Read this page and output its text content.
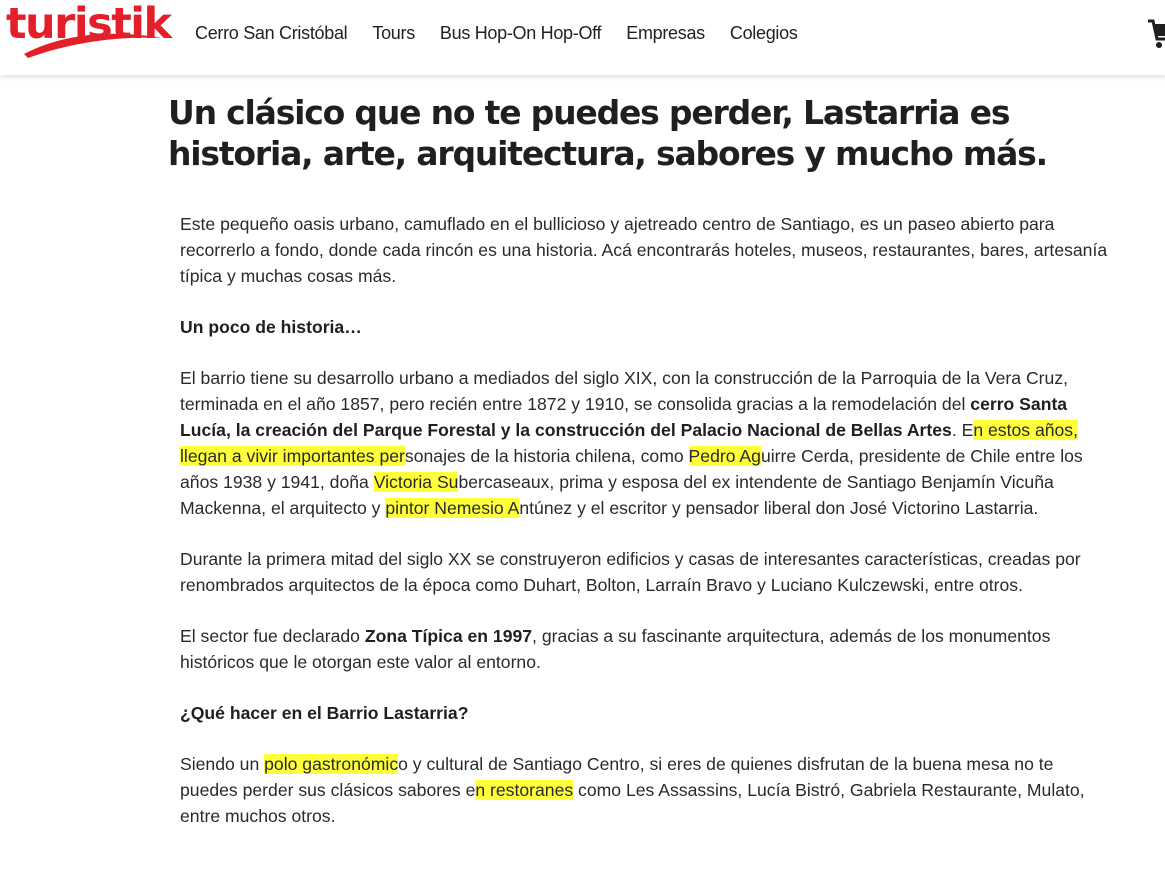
turistik Cerro San Cristóbal Tours Bus Hop-On Hop-Off Empresas Colegios
Un clásico que no te puedes perder, Lastarria es historia, arte, arquitectura, sabores y mucho más.

Este pequeño oasis urbano, camuflado en el bullicioso y ajetreado centro de Santiago, es un paseo abierto para recorrerlo a fondo, donde cada rincón es una historia. Acá encontrarás hoteles, museos, restaurantes, bares, artesanía típica y muchas cosas más.

Un poco de historia…

El barrio tiene su desarrollo urbano a mediados del siglo XIX, con la construcción de la Parroquia de la Vera Cruz, terminada en el año 1857, pero recién entre 1872 y 1910, se consolida gracias a la remodelación del cerro Santa Lucía, la creación del Parque Forestal y la construcción del Palacio Nacional de Bellas Artes. En estos años, llegan a vivir importantes personajes de la historia chilena, como Pedro Aguirre Cerda, presidente de Chile entre los años 1938 y 1941, doña Victoria Subercaseaux, prima y esposa del ex intendente de Santiago Benjamín Vicuña Mackenna, el arquitecto y pintor Nemesio Antúnez y el escritor y pensador liberal don José Victorino Lastarria.

Durante la primera mitad del siglo XX se construyeron edificios y casas de interesantes características, creadas por renombrados arquitectos de la época como Duhart, Bolton, Larraín Bravo y Luciano Kulczewski, entre otros.

El sector fue declarado Zona Típica en 1997, gracias a su fascinante arquitectura, además de los monumentos históricos que le otorgan este valor al entorno.

¿Qué hacer en el Barrio Lastarria?

Siendo un polo gastronómico y cultural de Santiago Centro, si eres de quienes disfrutan de la buena mesa no te puedes perder sus clásicos sabores en restoranes como Les Assassins, Lucía Bistró, Gabriela Restaurante, Mulato, entre muchos otros.
